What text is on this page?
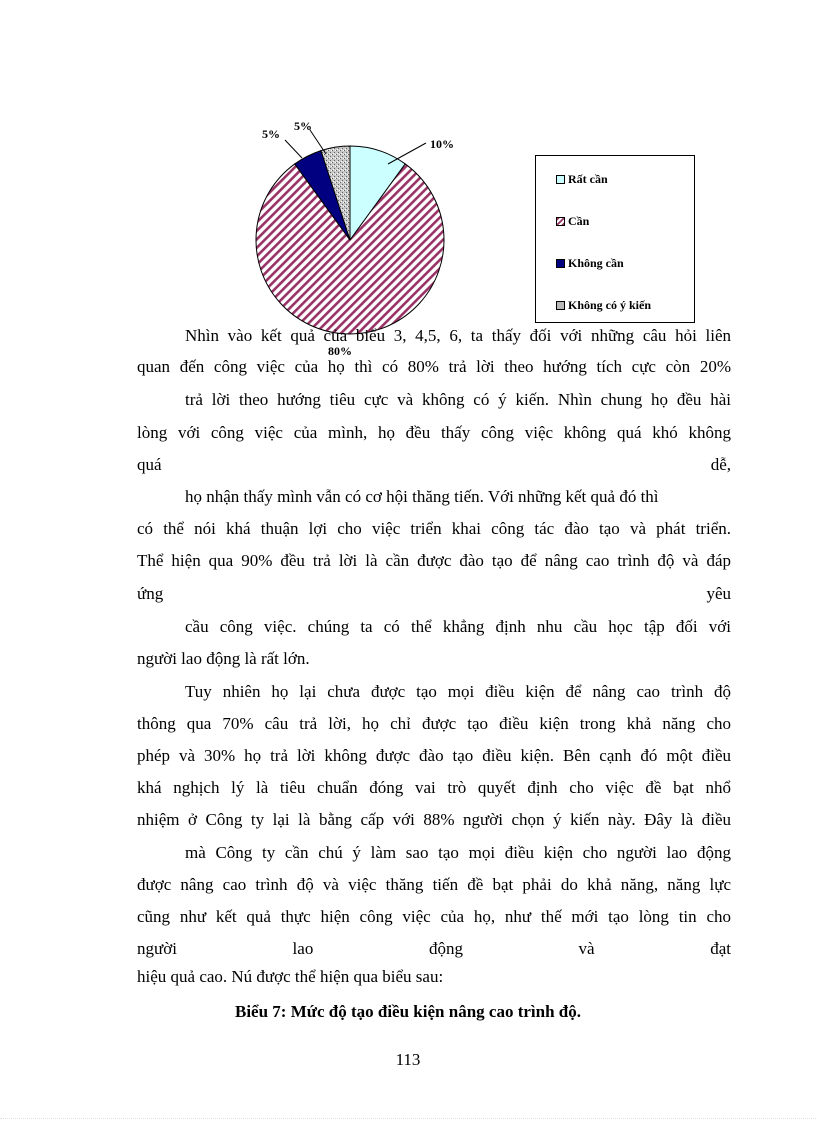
10%
80%
5%
5%
Rất cần
Cần
Không cần
Không có ý kiến
Nhìn vào kết quả của biểu 3, 4,5, 6, ta thấy đối với những câu hỏi liên
quan đến công việc của họ thì có 80% trả lời theo hướng tích cực còn 20%
trả lời theo hướng tiêu cực và không có ý kiến. Nhìn chung họ đều hài
lòng với công việc của mình, họ đều thấy công việc không quá khó không
quá dễ,
họ nhận thấy mình vẫn có cơ hội thăng tiến. Với những kết quả đó thì
có thể nói khá thuận lợi cho việc triển khai công tác đào tạo và phát triển.
Thể hiện qua 90% đều trả lời là cần được đào tạo để nâng cao trình độ và đáp
ứng yêu
cầu công việc. chúng ta có thể khẳng định nhu cầu học tập đối với
người lao động là rất lớn.
Tuy nhiên họ lại chưa được tạo mọi điều kiện để nâng cao trình độ
thông qua 70% câu trả lời, họ chỉ được tạo điều kiện trong khả năng cho
phép và 30% họ trả lời không được đào tạo điều kiện. Bên cạnh đó một điều
khá nghịch lý là tiêu chuẩn đóng vai trò quyết định cho việc đề bạt nhổ
nhiệm ở Công ty lại là bằng cấp với 88% người chọn ý kiến này. Đây là điều
mà Công ty cần chú ý làm sao tạo mọi điều kiện cho người lao động
được nâng cao trình độ và việc thăng tiến đề bạt phải do khả năng, năng lực
cũng như kết quả thực hiện công việc của họ, như thế mới tạo lòng tin cho
người lao động và đạt
hiệu quả cao. Nú được thể hiện qua biểu sau:
Biểu 7: Mức độ tạo điều kiện nâng cao trình độ.
113
